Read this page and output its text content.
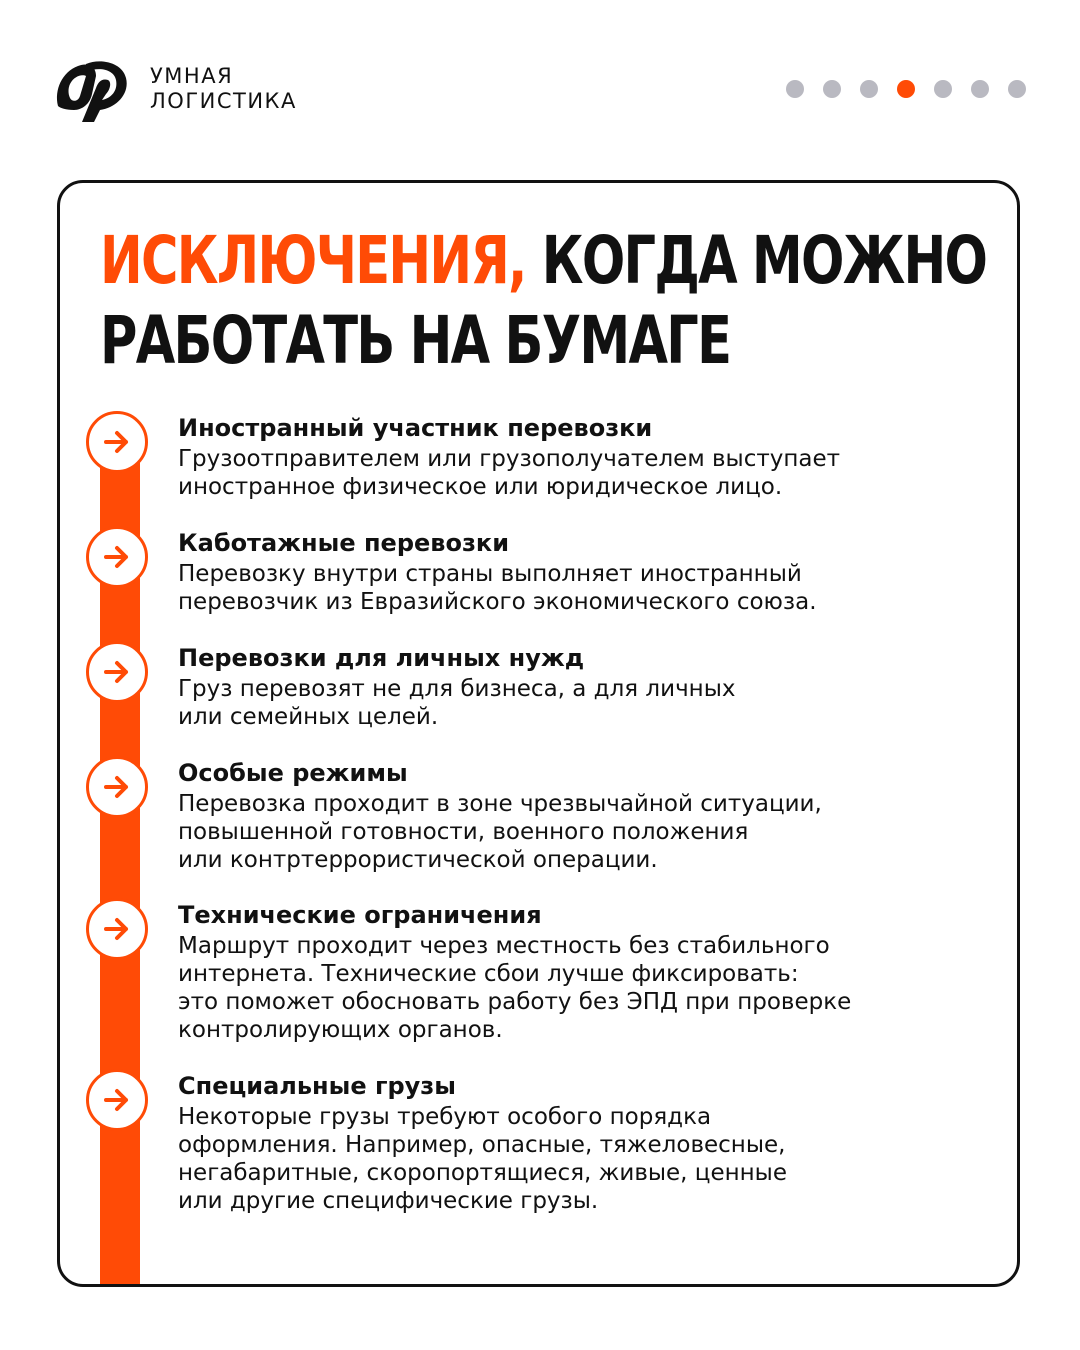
УМНАЯ
ЛОГИСТИКА
ИСКЛЮЧЕНИЯ, КОГДА МОЖНО
РАБОТАТЬ НА БУМАГЕ
Иностранный участник перевозки
Грузоотправителем или грузополучателем выступает
иностранное физическое или юридическое лицо.
Каботажные перевозки
Перевозку внутри страны выполняет иностранный
перевозчик из Евразийского экономического союза.
Перевозки для личных нужд
Груз перевозят не для бизнеса, а для личных
или семейных целей.
Особые режимы
Перевозка проходит в зоне чрезвычайной ситуации,
повышенной готовности, военного положения
или контртеррористической операции.
Технические ограничения
Маршрут проходит через местность без стабильного
интернета. Технические сбои лучше фиксировать:
это поможет обосновать работу без ЭПД при проверке
контролирующих органов.
Специальные грузы
Некоторые грузы требуют особого порядка
оформления. Например, опасные, тяжеловесные,
негабаритные, скоропортящиеся, живые, ценные
или другие специфические грузы.
